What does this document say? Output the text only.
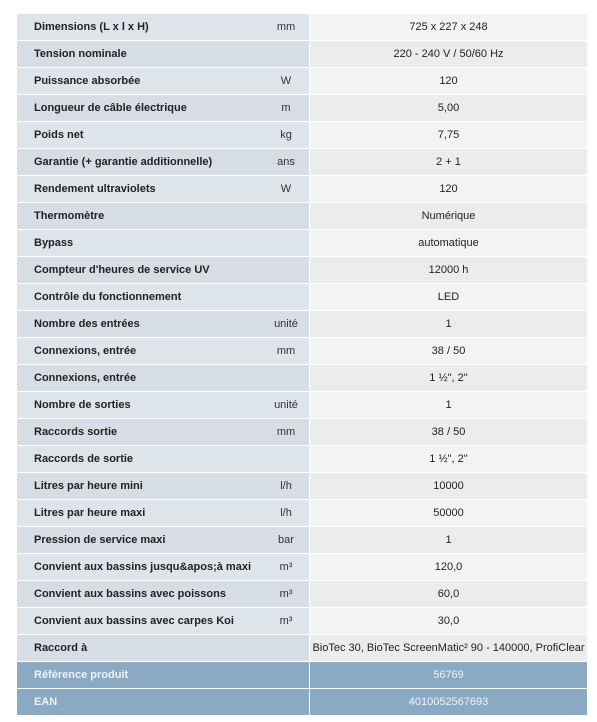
Dimensions (L x l x H)	mm	725 x 227 x 248
Tension nominale	220 - 240 V / 50/60 Hz
Puissance absorbée	W	120
Longueur de câble électrique	m	5,00
Poids net	kg	7,75
Garantie (+ garantie additionnelle)	ans	2 + 1
Rendement ultraviolets	W	120
Thermomètre	Numérique
Bypass	automatique
Compteur d'heures de service UV	12000 h
Contrôle du fonctionnement	LED
Nombre des entrées	unité	1
Connexions, entrée	mm	38 / 50
Connexions, entrée	1 ½", 2"
Nombre de sorties	unité	1
Raccords sortie	mm	38 / 50
Raccords de sortie	1 ½", 2"
Litres par heure mini	l/h	10000
Litres par heure maxi	l/h	50000
Pression de service maxi	bar	1
Convient aux bassins jusqu&apos;à maxi	m³	120,0
Convient aux bassins avec poissons	m³	60,0
Convient aux bassins avec carpes Koi	m³	30,0
Raccord à	BioTec 30, BioTec ScreenMatic² 90 - 140000, ProfiClear
Référence produit	56769
EAN	4010052567693
